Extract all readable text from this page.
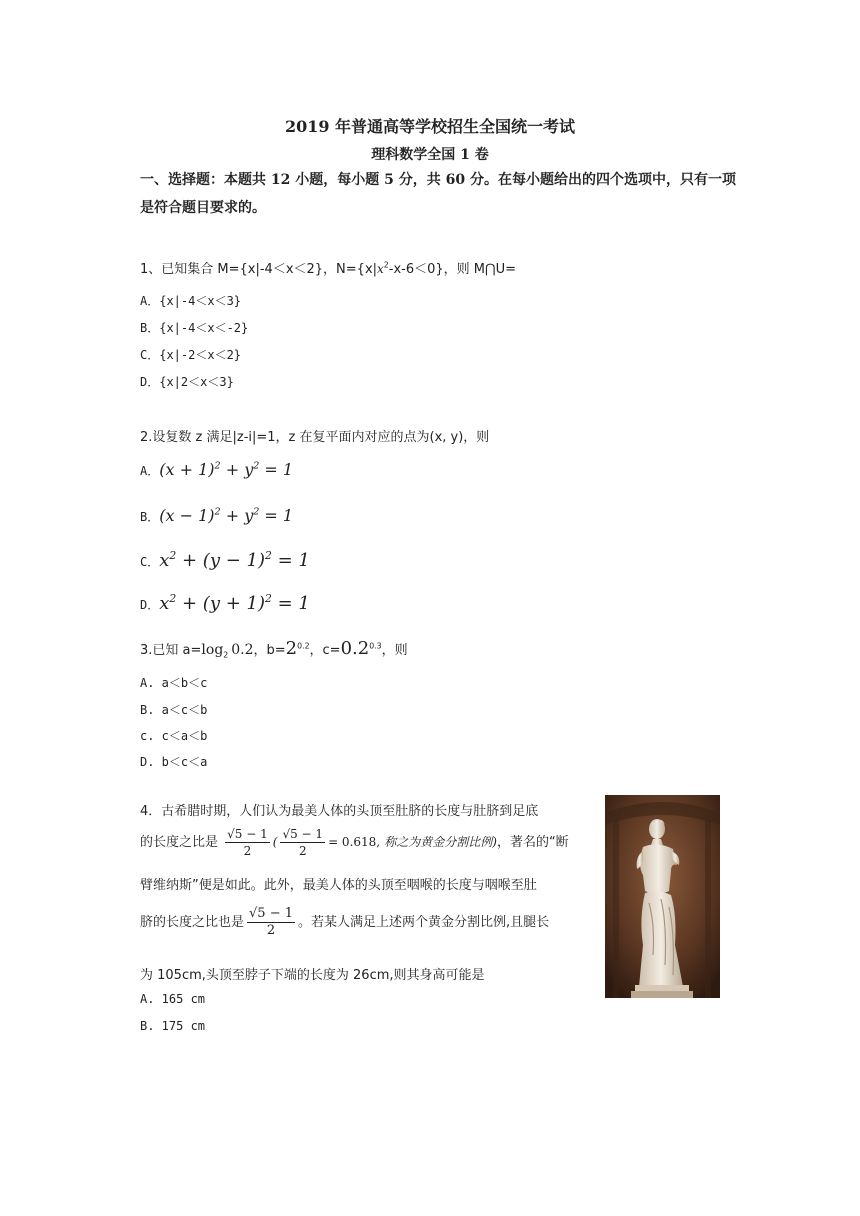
2019 年普通高等学校招生全国统一考试
理科数学全国 1 卷
一、选择题：本题共 12 小题，每小题 5 分，共 60 分。在每小题给出的四个选项中，只有一项是符合题目要求的。
1、已知集合 M={x|-4＜x＜2}，$N=\{x|x^2-x-6<0\}$，则 M⋂U=
A．{x|-4＜x＜3}
B．{x|-4＜x＜-2}
C．{x|-2＜x＜2}
D．{x|2＜x＜3}
2.设复数 z 满足|z-i|=1，z 在复平面内对应的点为(x, y)，则
A．$(x + 1)^2 + y^2 = 1$
B．$(x - 1)^2 + y^2 = 1$
C．$x^2 + (y - 1)^2 = 1$
D．$x^2 + (y + 1)^2 = 1$
3.已知 $a=\log_2$ 0.2，$b=2^{0.2}$，$c=0.2^{0.3}$，则
A. a＜b＜c
B. a＜c＜b
c. c＜a＜b
D. b＜c＜a
4．古希腊时期，人们认为最美人体的头顶至肚脐的长度与肚脐到足底
的长度之比是 $\frac{√5 - 1}{2}$ ( $\frac{√5 - 1}{2} = 0.618$, 称之为黄金分割比例)，著名的“断
臂维纳斯”便是如此。此外，最美人体的头顶至咽喉的长度与咽喉至肚
脐的长度之比也是 $\frac{√5 - 1}{2}$ 。若某人满足上述两个黄金分割比例,且腿长
为 105cm,头顶至脖子下端的长度为 26cm,则其身高可能是
A. 165 cm
B. 175 cm
